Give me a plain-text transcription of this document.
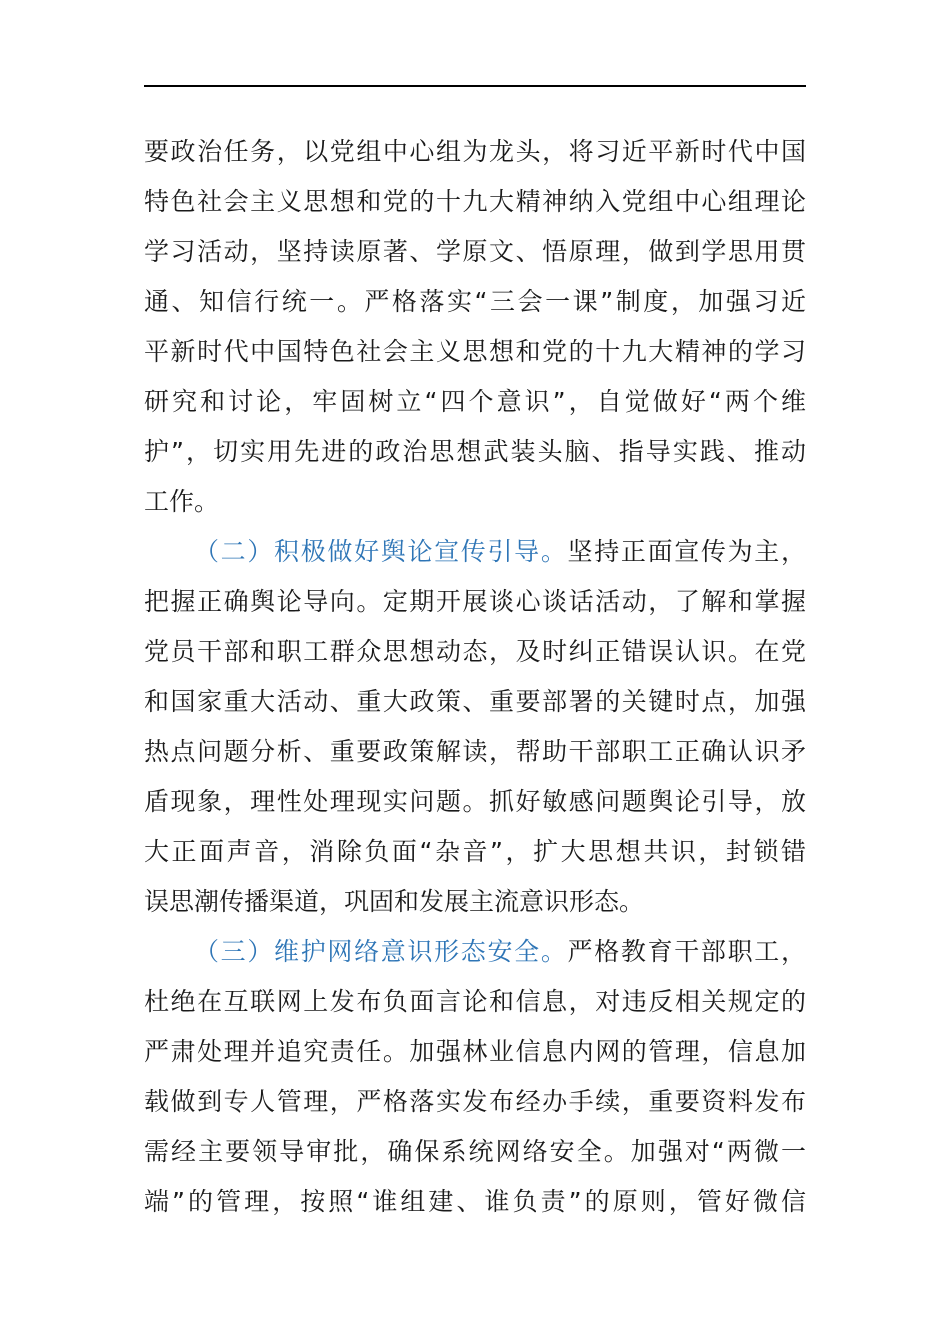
要政治任务，以党组中心组为龙头，将习近平新时代中国
特色社会主义思想和党的十九大精神纳入党组中心组理论
学习活动，坚持读原著、学原文、悟原理，做到学思用贯
通、知信行统一。严格落实“三会一课”制度，加强习近
平新时代中国特色社会主义思想和党的十九大精神的学习
研究和讨论，牢固树立“四个意识”，自觉做好“两个维
护”，切实用先进的政治思想武装头脑、指导实践、推动
工作。
（二）积极做好舆论宣传引导。坚持正面宣传为主，
把握正确舆论导向。定期开展谈心谈话活动，了解和掌握
党员干部和职工群众思想动态，及时纠正错误认识。在党
和国家重大活动、重大政策、重要部署的关键时点，加强
热点问题分析、重要政策解读，帮助干部职工正确认识矛
盾现象，理性处理现实问题。抓好敏感问题舆论引导，放
大正面声音，消除负面“杂音”，扩大思想共识，封锁错
误思潮传播渠道，巩固和发展主流意识形态。
（三）维护网络意识形态安全。严格教育干部职工，
杜绝在互联网上发布负面言论和信息，对违反相关规定的
严肃处理并追究责任。加强林业信息内网的管理，信息加
载做到专人管理，严格落实发布经办手续，重要资料发布
需经主要领导审批，确保系统网络安全。加强对“两微一
端”的管理，按照“谁组建、谁负责”的原则，管好微信
